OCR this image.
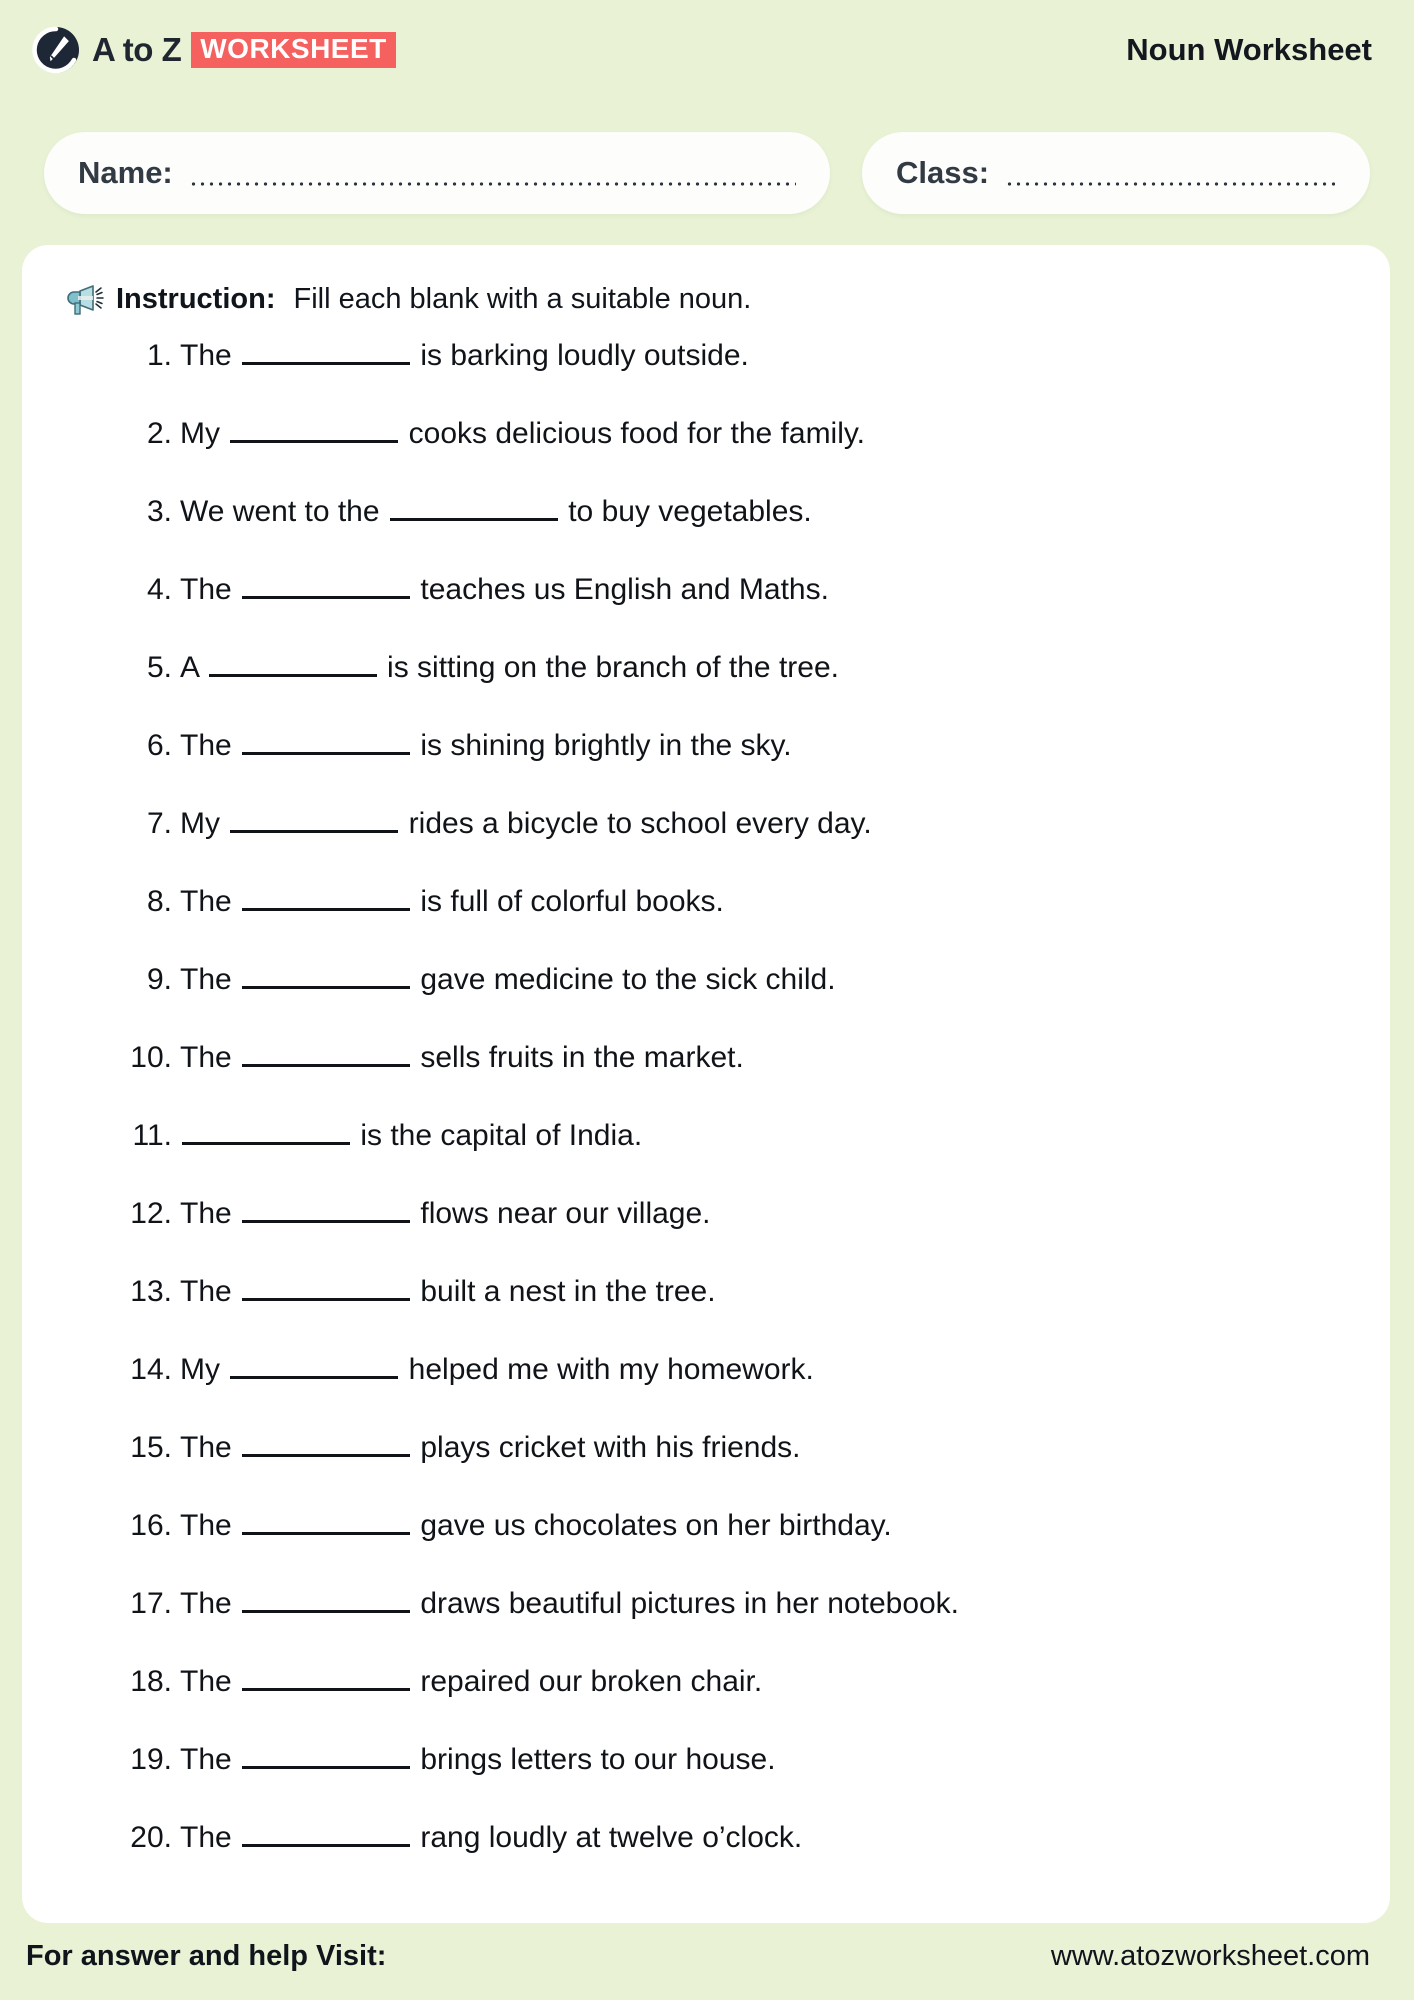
A to Z WORKSHEET	Noun Worksheet
Name:	Class:
Instruction: Fill each blank with a suitable noun.
1. The	is barking loudly outside.
2. My	cooks delicious food for the family.
3. We went to the	to buy vegetables.
4. The	teaches us English and Maths.
5. A	is sitting on the branch of the tree.
6. The	is shining brightly in the sky.
7. My	rides a bicycle to school every day.
8. The	is full of colorful books.
9. The	gave medicine to the sick child.
10. The	sells fruits in the market.
11.	is the capital of India.
12. The	flows near our village.
13. The	built a nest in the tree.
14. My	helped me with my homework.
15. The	plays cricket with his friends.
16. The	gave us chocolates on her birthday.
17. The	draws beautiful pictures in her notebook.
18. The	repaired our broken chair.
19. The	brings letters to our house.
20. The	rang loudly at twelve o’clock.
For answer and help Visit:	www.atozworksheet.com
